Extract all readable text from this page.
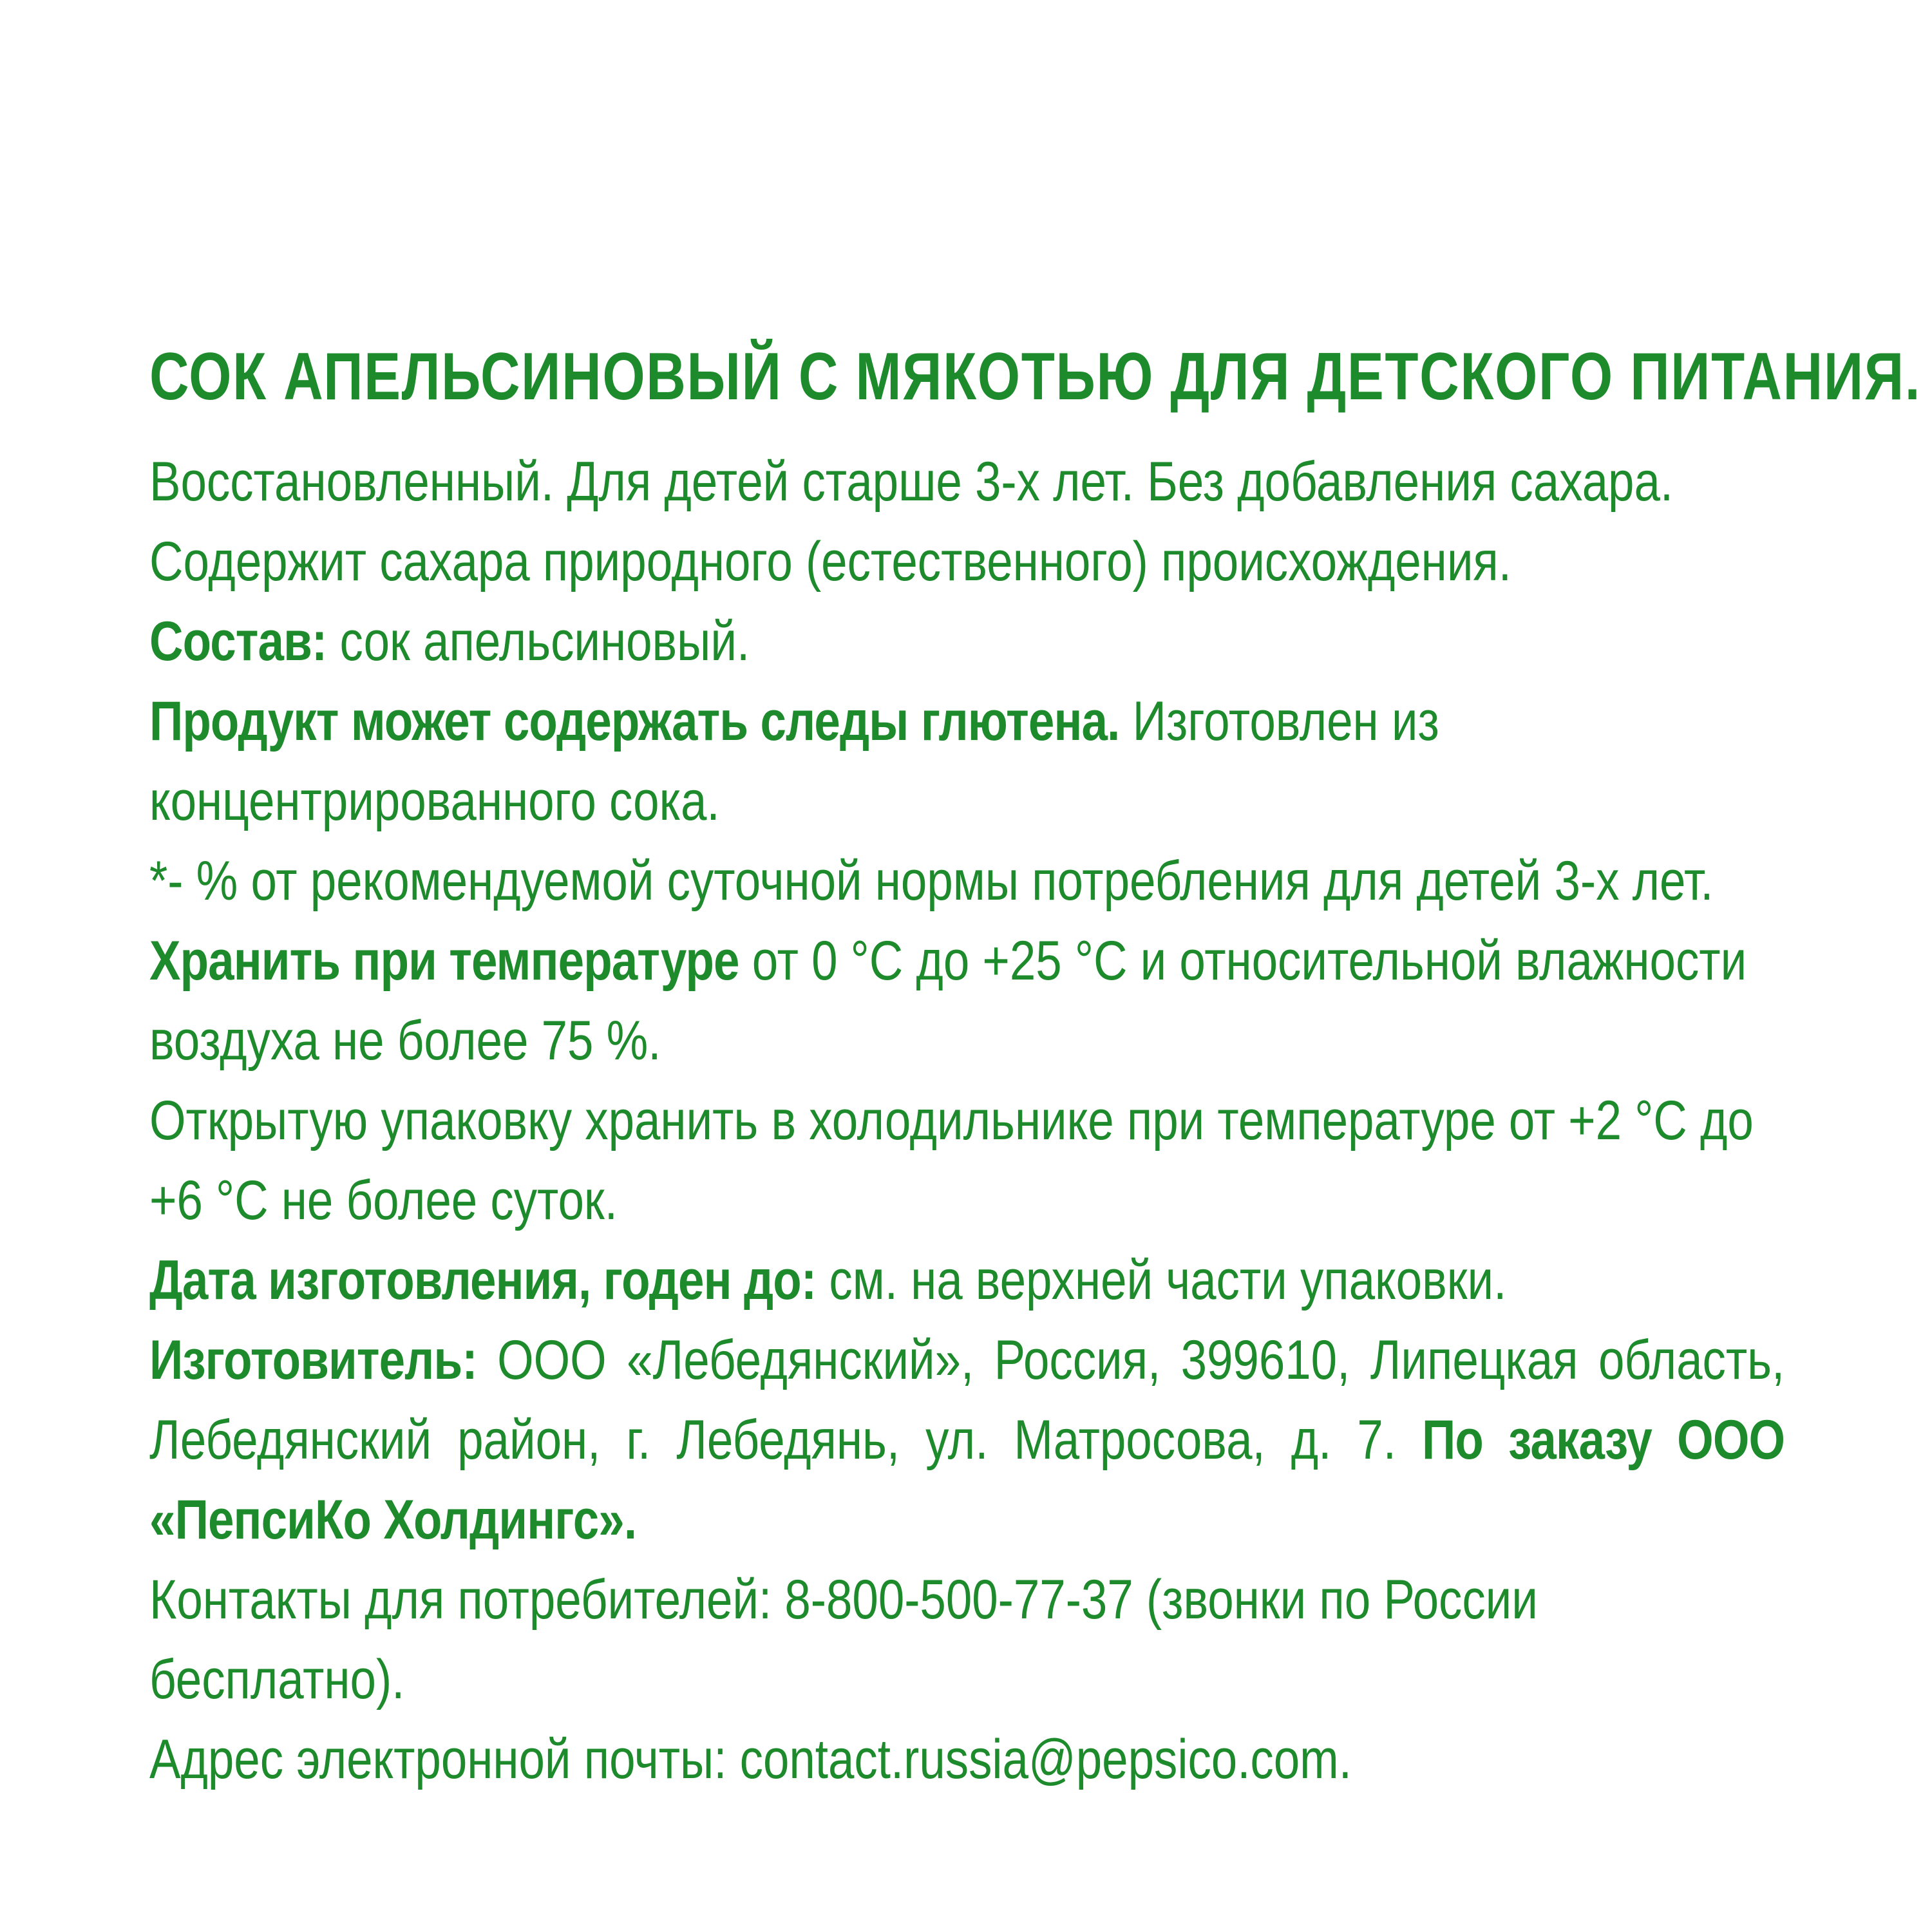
СОК АПЕЛЬСИНОВЫЙ С МЯКОТЬЮ ДЛЯ ДЕТСКОГО ПИТАНИЯ.

Восстановленный. Для детей старше 3-х лет. Без добавления сахара. Содержит сахара природного (естественного) происхождения.

Состав: сок апельсиновый.

Продукт может содержать следы глютена. Изготовлен из концентрированного сока.

*- % от рекомендуемой суточной нормы потребления для детей 3-х лет.

Хранить при температуре от 0 °С до +25 °С и относительной влажности воздуха не более 75 %.

Открытую упаковку хранить в холодильнике при температуре от +2 °С до +6 °С не более суток.

Дата изготовления, годен до: см. на верхней части упаковки.

Изготовитель: ООО «Лебедянский», Россия, 399610, Липецкая область, Лебедянский район, г. Лебедянь, ул. Матросова, д. 7. По заказу ООО «ПепсиКо Холдингс».

Контакты для потребителей: 8-800-500-77-37 (звонки по России бесплатно).

Адрес электронной почты: contact.russia@pepsico.com.
